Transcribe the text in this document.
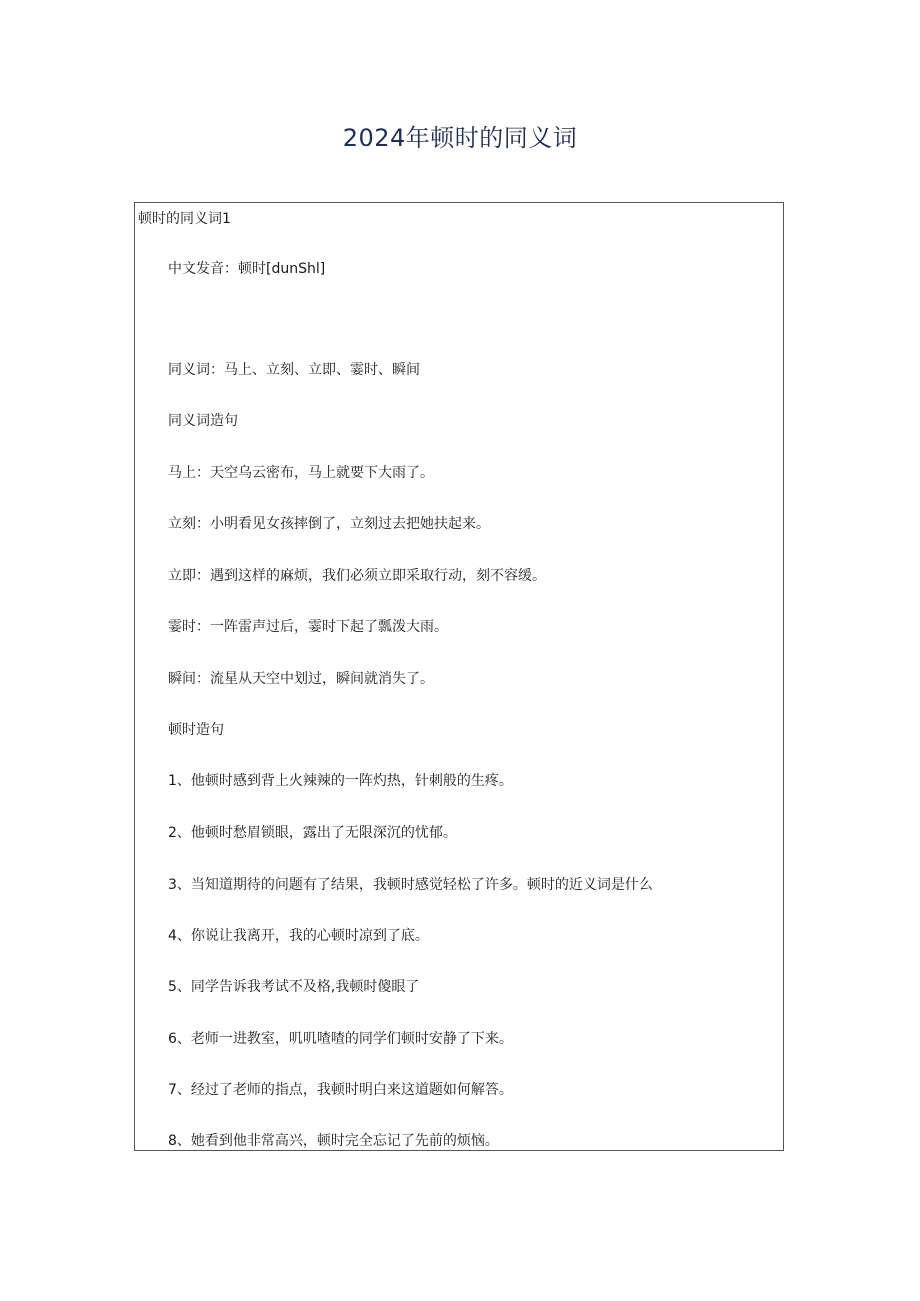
2024年顿时的同义词

顿时的同义词1

中文发音：顿时[dunShl]

同义词：马上、立刻、立即、霎时、瞬间

同义词造句

马上：天空乌云密布，马上就要下大雨了。

立刻：小明看见女孩摔倒了，立刻过去把她扶起来。

立即：遇到这样的麻烦，我们必须立即采取行动，刻不容缓。

霎时：一阵雷声过后，霎时下起了瓢泼大雨。

瞬间：流星从天空中划过，瞬间就消失了。

顿时造句

1、他顿时感到背上火辣辣的一阵灼热，针刺般的生疼。

2、他顿时愁眉锁眼，露出了无限深沉的忧郁。

3、当知道期待的问题有了结果，我顿时感觉轻松了许多。顿时的近义词是什么

4、你说让我离开，我的心顿时凉到了底。

5、同学告诉我考试不及格,我顿时傻眼了

6、老师一进教室，叽叽喳喳的同学们顿时安静了下来。

7、经过了老师的指点，我顿时明白来这道题如何解答。

8、她看到他非常高兴，顿时完全忘记了先前的烦恼。
